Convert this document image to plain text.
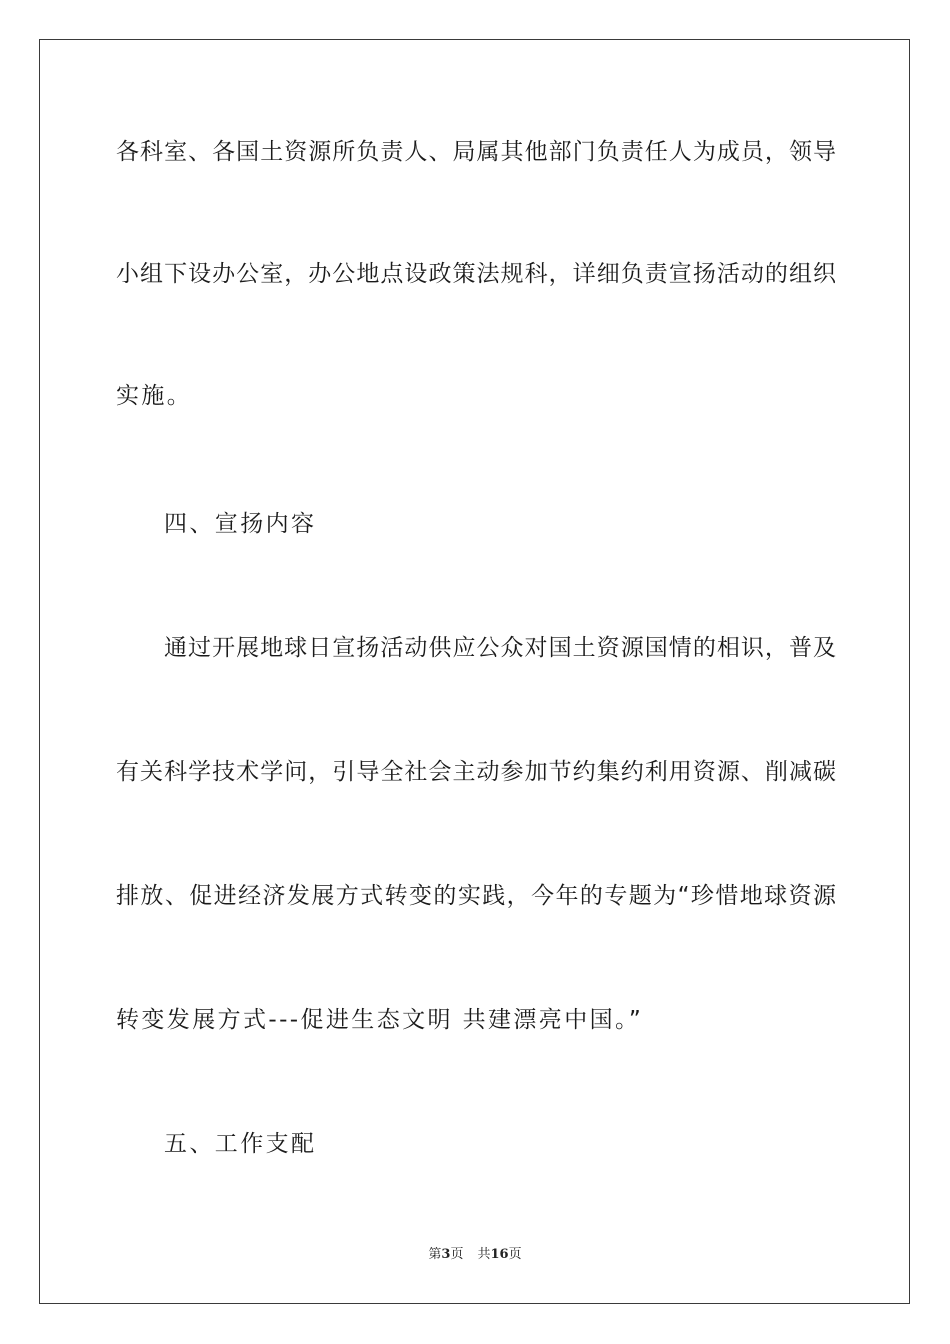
各科室、各国土资源所负责人、局属其他部门负责任人为成员，领导
小组下设办公室，办公地点设政策法规科，详细负责宣扬活动的组织
实施。
四、宣扬内容
通过开展地球日宣扬活动供应公众对国土资源国情的相识，普及
有关科学技术学问，引导全社会主动参加节约集约利用资源、削减碳
排放、促进经济发展方式转变的实践，今年的专题为“珍惜地球资源
转变发展方式---促进生态文明 共建漂亮中国。”
五、工作支配
第3页 共16页
